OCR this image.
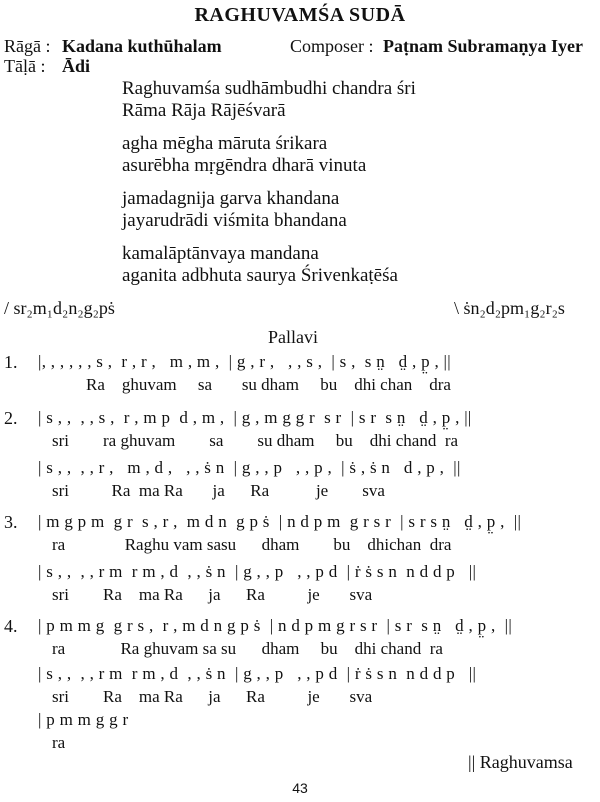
RAGHUVAMŚA SUDĀ
Rāgā : Kadana kuthūhalam	Composer : Paṭnam Subramaṇya Iyer
Tāḷā : Ādi
Raghuvamśa sudhāmbudhi chandra śri
Rāma Rāja Rājēśvarā
agha mēgha māruta śrikara
asurēbha mṛgēndra dharā vinuta
jamadagnija garva khandana
jayarudrādi viśmita bhandana
kamalāptānvaya mandana
aganita adbhuta saurya Śrivenkaṭēśa
/ sr₂m₁d₂n₂g₂pṡ	\ ṡn₂d₂pm₁g₂r₂s
Pallavi
1. |, , , , , , s ,  r , r ,   m , m ,  | g , r ,   , , s ,  | s ,  s n̤   d̤ , p̤ , ||
Ra    ghuvam     sa       su dham     bu    dhi chan    dra
2. | s , ,  , , s ,  r , m p  d , m ,  | g , m g g r  s r  | s r  s n̤   d̤ , p̤ , ||
sri        ra ghuvam        sa        su dham     bu    dhi chand  ra
| s , ,  , , r ,   m , d ,   , , ṡ n  | g , , p   , , p ,  | ṡ , ṡ n   d , p ,  ||
sri          Ra  ma Ra       ja      Ra           je        sva
3. | m g p m  g r  s , r ,  m d n  g p ṡ  | n d p m  g r s r  | s r s n̤   d̤ , p̤ ,  ||
ra              Raghu vam sasu      dham        bu    dhichan  dra
| s , ,  , , r m  r m , d  , , ṡ n  | g , , p   , , p d  | ṙ ṡ s n  n d d p   ||
sri        Ra    ma Ra      ja      Ra          je       sva
4. | p m m g  g r s ,  r , m d n g p ṡ  | n d p m g r s r  | s r  s n̤   d̤ , p̤ ,  ||
ra             Ra ghuvam sa su      dham     bu    dhi chand  ra
| s , ,  , , r m  r m , d  , , ṡ n  | g , , p   , , p d  | ṙ ṡ s n  n d d p   ||
sri        Ra    ma Ra      ja      Ra          je       sva
| p m m g g r
ra
|| Raghuvamsa
43
